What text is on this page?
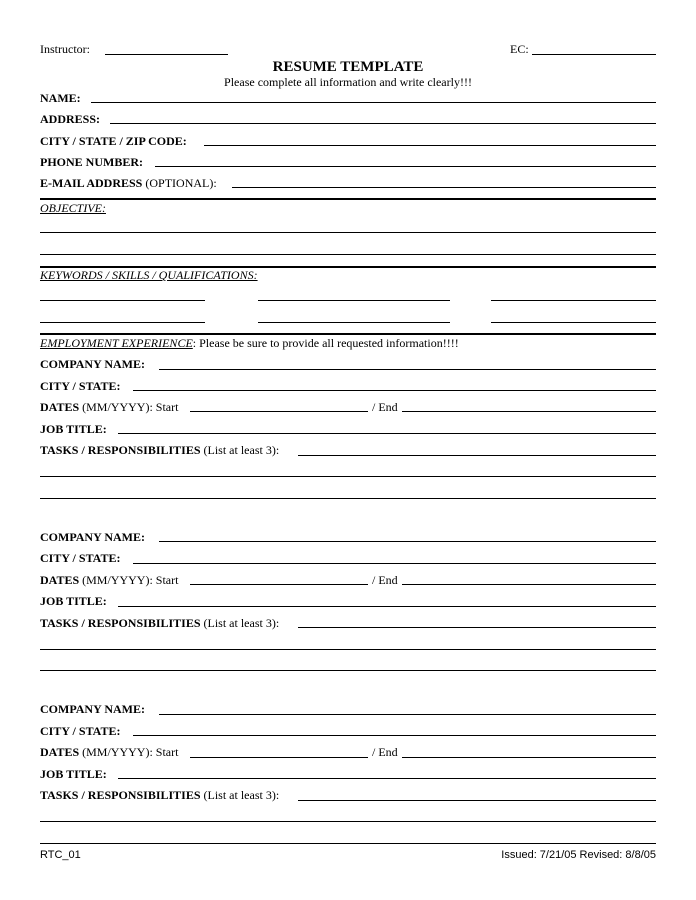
Instructor:	EC:
RESUME TEMPLATE
Please complete all information and write clearly!!!
NAME:
ADDRESS:
CITY / STATE / ZIP CODE:
PHONE NUMBER:
E-MAIL ADDRESS (OPTIONAL):
OBJECTIVE:
KEYWORDS / SKILLS / QUALIFICATIONS:
EMPLOYMENT EXPERIENCE: Please be sure to provide all requested information!!!!
COMPANY NAME:
CITY / STATE:
DATES (MM/YYYY): Start	/ End
JOB TITLE:
TASKS / RESPONSIBILITIES (List at least 3):
COMPANY NAME:
CITY / STATE:
DATES (MM/YYYY): Start	/ End
JOB TITLE:
TASKS / RESPONSIBILITIES (List at least 3):
COMPANY NAME:
CITY / STATE:
DATES (MM/YYYY): Start	/ End
JOB TITLE:
TASKS / RESPONSIBILITIES (List at least 3):
RTC_01	Issued: 7/21/05 Revised: 8/8/05
